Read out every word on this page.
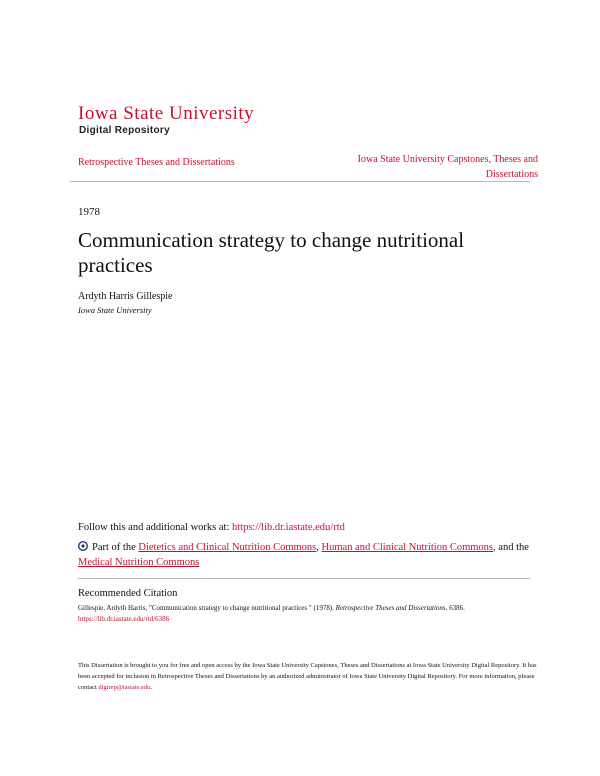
Iowa State University
Digital Repository
Retrospective Theses and Dissertations	Iowa State University Capstones, Theses and Dissertations
1978
Communication strategy to change nutritional practices
Ardyth Harris Gillespie
Iowa State University
Follow this and additional works at: https://lib.dr.iastate.edu/rtd
Part of the Dietetics and Clinical Nutrition Commons, Human and Clinical Nutrition Commons, and the Medical Nutrition Commons
Recommended Citation
Gillespie, Ardyth Harris, "Communication strategy to change nutritional practices " (1978). Retrospective Theses and Dissertations. 6386.
https://lib.dr.iastate.edu/rtd/6386
This Dissertation is brought to you for free and open access by the Iowa State University Capstones, Theses and Dissertations at Iowa State University Digital Repository. It has been accepted for inclusion in Retrospective Theses and Dissertations by an authorized administrator of Iowa State University Digital Repository. For more information, please contact digirep@iastate.edu.
